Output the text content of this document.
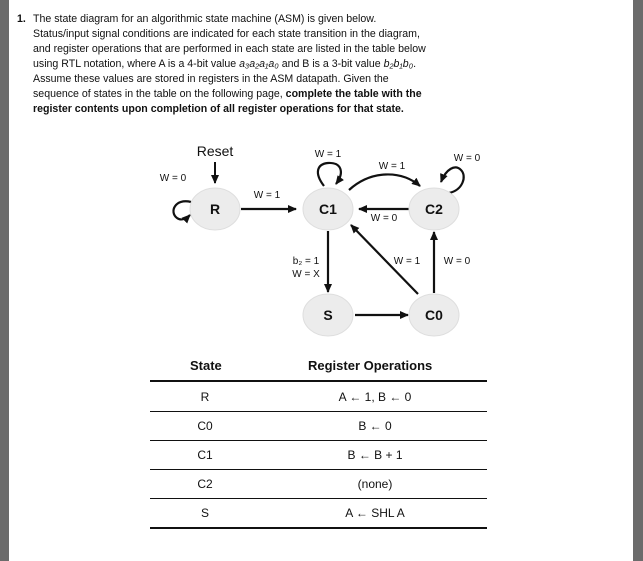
1. The state diagram for an algorithmic state machine (ASM) is given below.
Status/input signal conditions are indicated for each state transition in the diagram,
and register operations that are performed in each state are listed in the table below
using RTL notation, where A is a 4-bit value a₃a₂a₁a₀ and B is a 3-bit value b₂b₁b₀.
Assume these values are stored in registers in the ASM datapath. Given the
sequence of states in the table on the following page, complete the table with the
register contents upon completion of all register operations for that state.
Reset
W = 0
W = 1
W = 1
W = 1
W = 0
W = 0
b₂ = 1
W = X
W = 1 W = 0
R	C1	C2
S	C0
State	Register Operations
R	A ← 1, B ← 0
C0	B ← 0
C1	B ← B + 1
C2	(none)
S	A ← SHL A
